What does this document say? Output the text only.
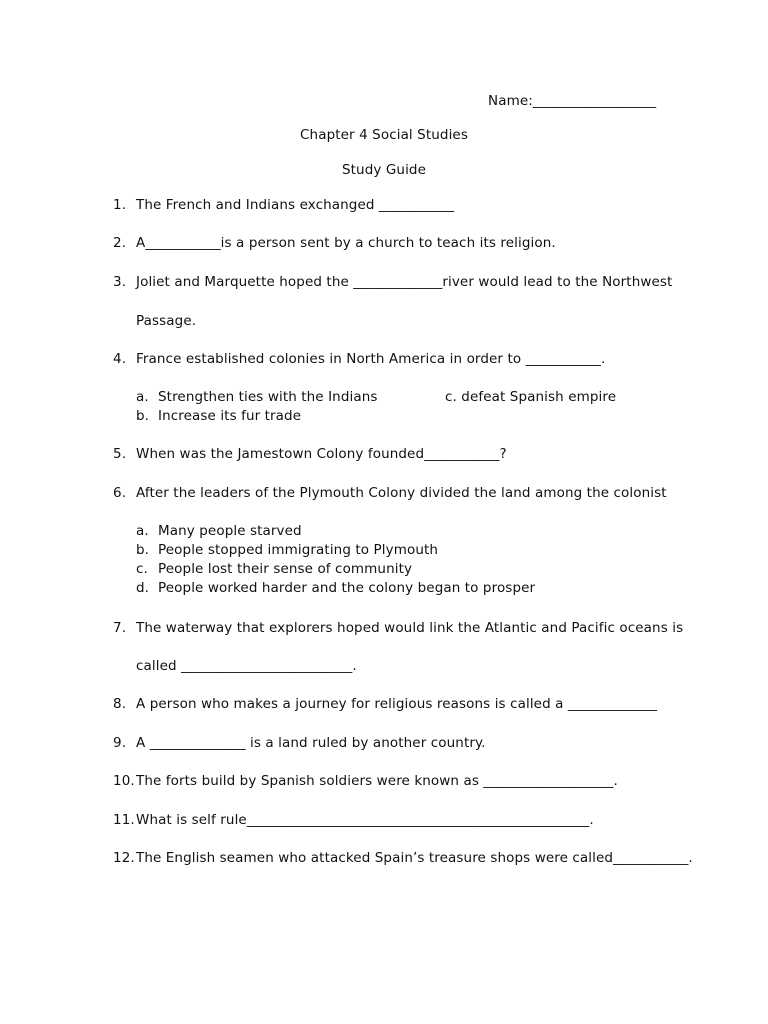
Name:__________________
Chapter 4 Social Studies
Study Guide
1. The French and Indians exchanged ___________
2. A___________is a person sent by a church to teach its religion.
3. Joliet and Marquette hoped the _____________river would lead to the Northwest
Passage.
4. France established colonies in North America in order to ___________.
a. Strengthen ties with the Indians	c. defeat Spanish empire
b. Increase its fur trade
5. When was the Jamestown Colony founded___________?
6. After the leaders of the Plymouth Colony divided the land among the colonist
a. Many people starved
b. People stopped immigrating to Plymouth
c. People lost their sense of community
d. People worked harder and the colony began to prosper
7. The waterway that explorers hoped would link the Atlantic and Pacific oceans is
called _________________________.
8. A person who makes a journey for religious reasons is called a _____________
9. A ______________ is a land ruled by another country.
10. The forts build by Spanish soldiers were known as ___________________.
11. What is self rule__________________________________________________.
12. The English seamen who attacked Spain’s treasure shops were called___________.
